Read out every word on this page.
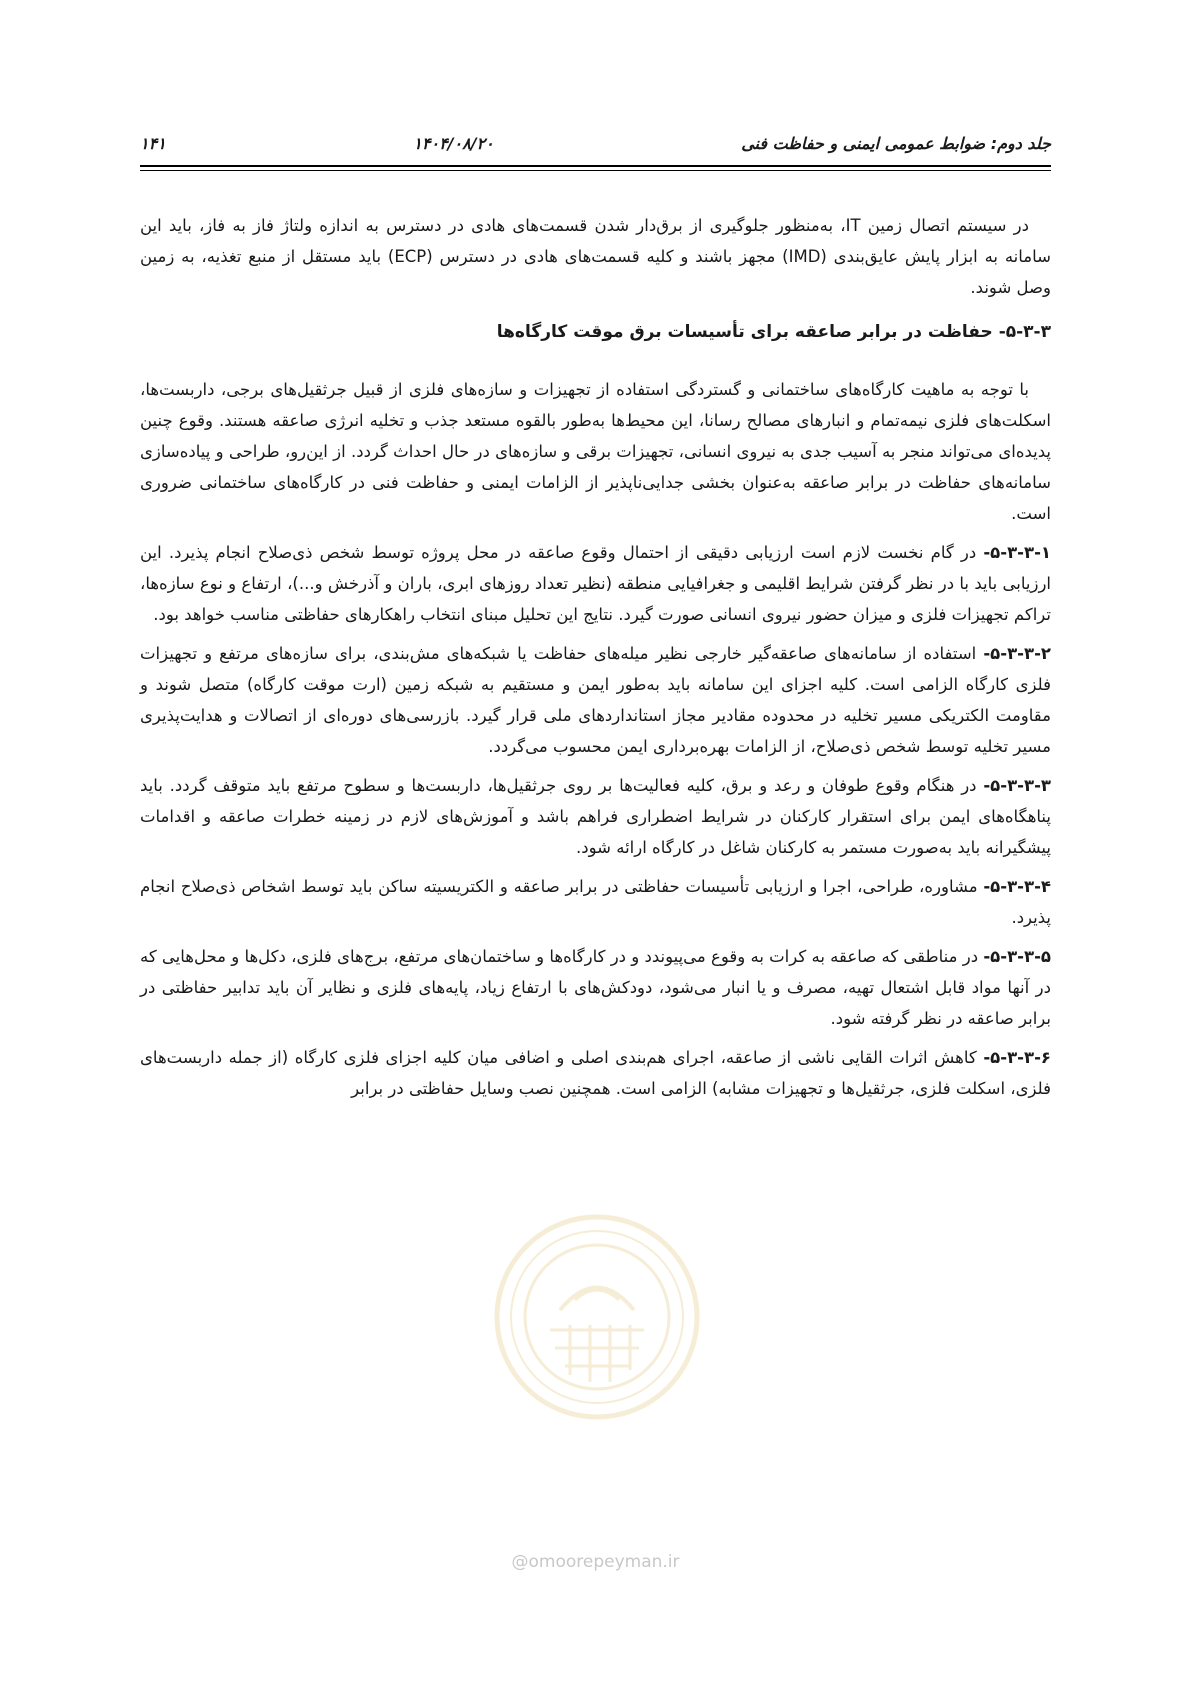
جلد دوم: ضوابط عمومی ایمنی و حفاظت فنی
۱۴۰۴/۰۸/۲۰
۱۴۱

در سیستم اتصال زمین IT، به‌منظور جلوگیری از برق‌دار شدن قسمت‌های هادی در دسترس به اندازه ولتاژ فاز به فاز، باید این سامانه به ابزار پایش عایق‌بندی (IMD) مجهز باشند و کلیه قسمت‌های هادی در دسترس (ECP) باید مستقل از منبع تغذیه، به زمین وصل شوند.

۵-۳-۳- حفاظت در برابر صاعقه برای تأسیسات برق موقت کارگاه‌ها

با توجه به ماهیت کارگاه‌های ساختمانی و گستردگی استفاده از تجهیزات و سازه‌های فلزی از قبیل جرثقیل‌های برجی، داربست‌ها، اسکلت‌های فلزی نیمه‌تمام و انبارهای مصالح رسانا، این محیط‌ها به‌طور بالقوه مستعد جذب و تخلیه انرژی صاعقه هستند. وقوع چنین پدیده‌ای می‌تواند منجر به آسیب جدی به نیروی انسانی، تجهیزات برقی و سازه‌های در حال احداث گردد. از این‌رو، طراحی و پیاده‌سازی سامانه‌های حفاظت در برابر صاعقه به‌عنوان بخشی جدایی‌ناپذیر از الزامات ایمنی و حفاظت فنی در کارگاه‌های ساختمانی ضروری است.

۵-۳-۳-۱- در گام نخست لازم است ارزیابی دقیقی از احتمال وقوع صاعقه در محل پروژه توسط شخص ذی‌صلاح انجام پذیرد. این ارزیابی باید با در نظر گرفتن شرایط اقلیمی و جغرافیایی منطقه (نظیر تعداد روزهای ابری، باران و آذرخش و...)، ارتفاع و نوع سازه‌ها، تراکم تجهیزات فلزی و میزان حضور نیروی انسانی صورت گیرد. نتایج این تحلیل مبنای انتخاب راهکارهای حفاظتی مناسب خواهد بود.

۵-۳-۳-۲- استفاده از سامانه‌های صاعقه‌گیر خارجی نظیر میله‌های حفاظت یا شبکه‌های مش‌بندی، برای سازه‌های مرتفع و تجهیزات فلزی کارگاه الزامی است. کلیه اجزای این سامانه باید به‌طور ایمن و مستقیم به شبکه زمین (ارت موقت کارگاه) متصل شوند و مقاومت الکتریکی مسیر تخلیه در محدوده مقادیر مجاز استانداردهای ملی قرار گیرد. بازرسی‌های دوره‌ای از اتصالات و هدایت‌پذیری مسیر تخلیه توسط شخص ذی‌صلاح، از الزامات بهره‌برداری ایمن محسوب می‌گردد.

۵-۳-۳-۳- در هنگام وقوع طوفان و رعد و برق، کلیه فعالیت‌ها بر روی جرثقیل‌ها، داربست‌ها و سطوح مرتفع باید متوقف گردد. باید پناهگاه‌های ایمن برای استقرار کارکنان در شرایط اضطراری فراهم باشد و آموزش‌های لازم در زمینه خطرات صاعقه و اقدامات پیشگیرانه باید به‌صورت مستمر به کارکنان شاغل در کارگاه ارائه شود.

۵-۳-۳-۴- مشاوره، طراحی، اجرا و ارزیابی تأسیسات حفاظتی در برابر صاعقه و الکتریسیته ساکن باید توسط اشخاص ذی‌صلاح انجام پذیرد.

۵-۳-۳-۵- در مناطقی که صاعقه به کرات به وقوع می‌پیوندد و در کارگاه‌ها و ساختمان‌های مرتفع، برج‌های فلزی، دکل‌ها و محل‌هایی که در آنها مواد قابل اشتعال تهیه، مصرف و یا انبار می‌شود، دودکش‌های با ارتفاع زیاد، پایه‌های فلزی و نظایر آن باید تدابیر حفاظتی در برابر صاعقه در نظر گرفته شود.

۵-۳-۳-۶- کاهش اثرات القایی ناشی از صاعقه، اجرای هم‌بندی اصلی و اضافی میان کلیه اجزای فلزی کارگاه (از جمله داربست‌های فلزی، اسکلت فلزی، جرثقیل‌ها و تجهیزات مشابه) الزامی است. همچنین نصب وسایل حفاظتی در برابر

@omoorepeyman.ir
